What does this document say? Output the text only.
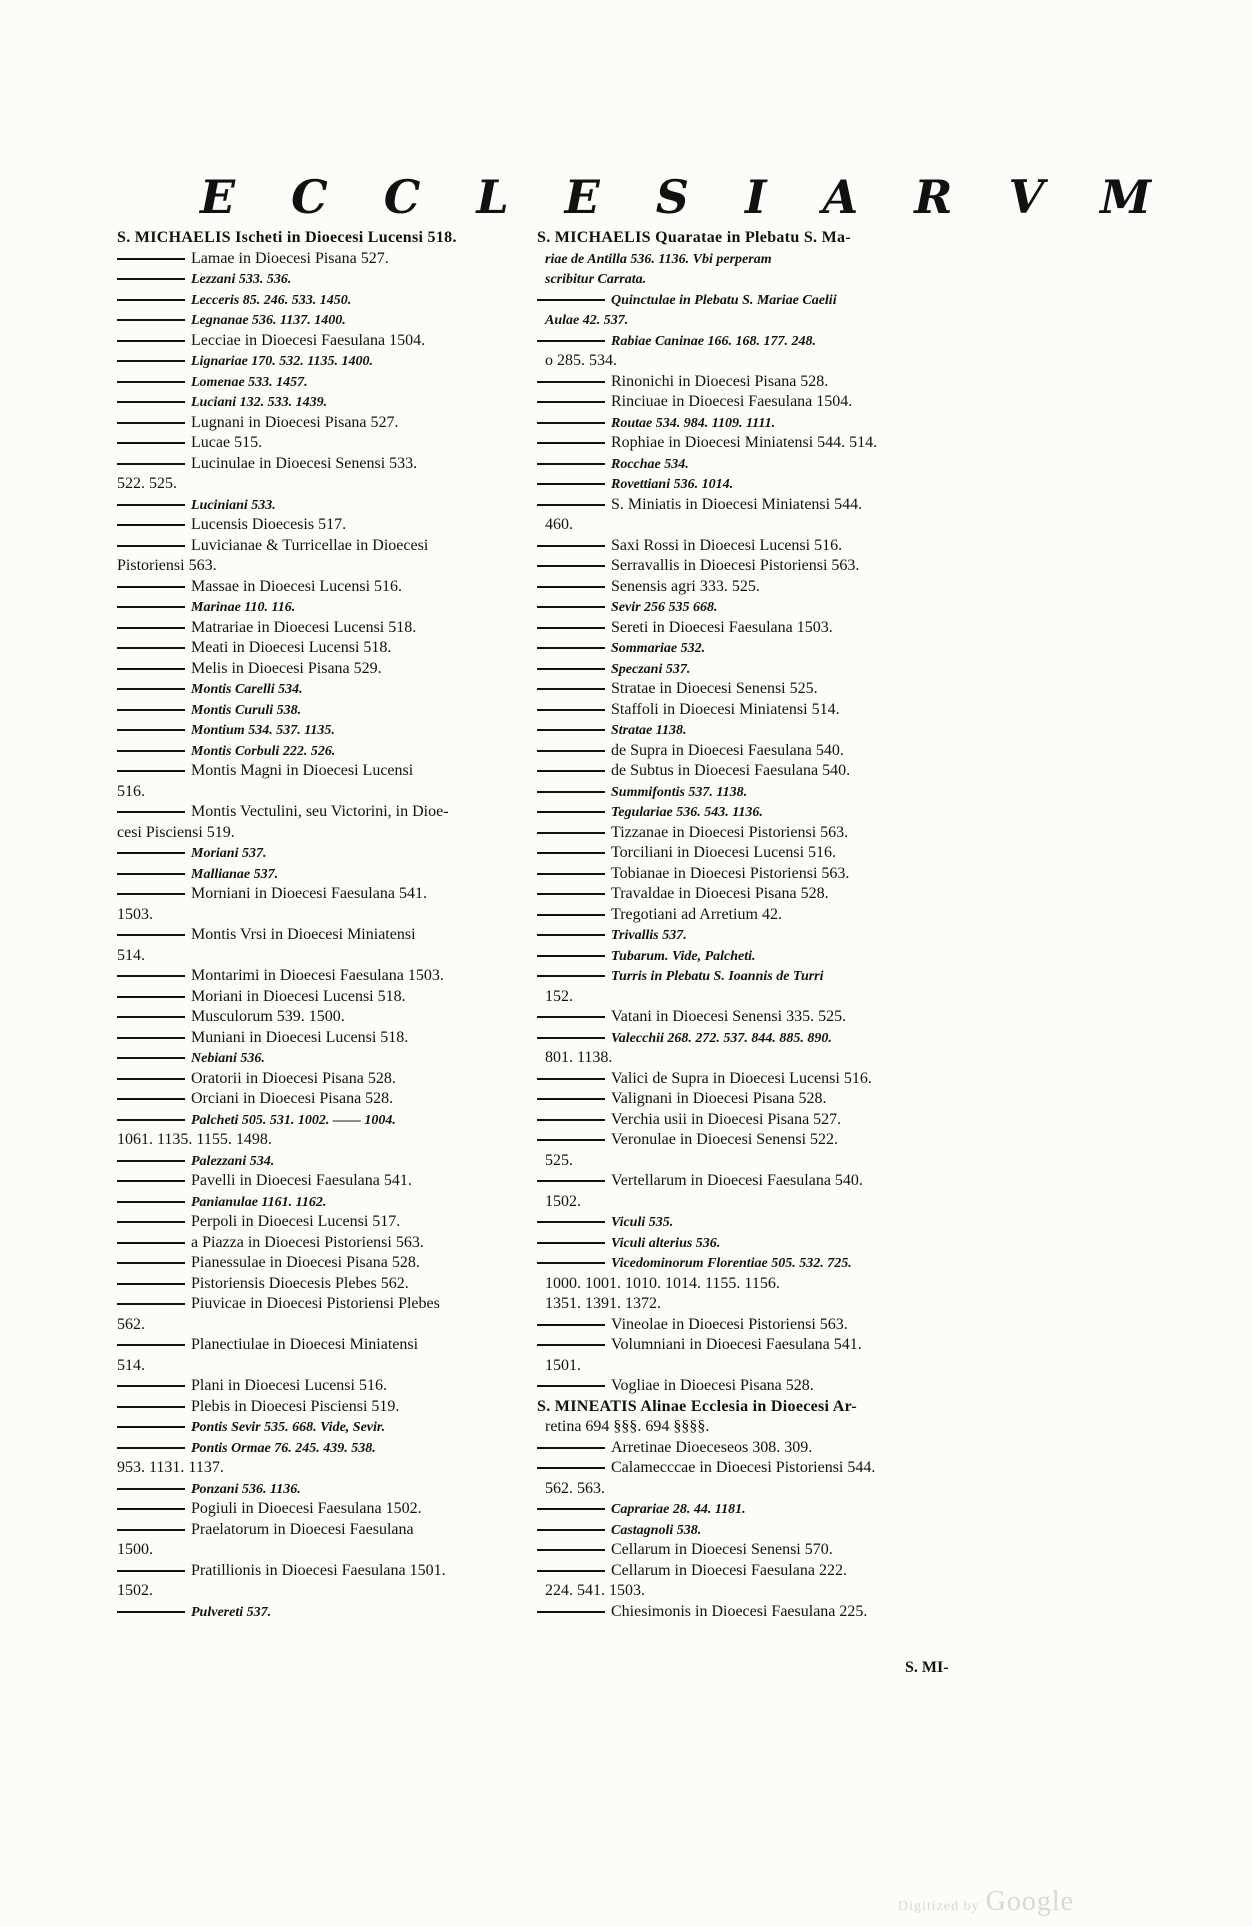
E C C L E S I A R V M
S. MICHAELIS Ischeti in Dioecesi Lucensi 518.
Lamae in Dioecesi Pisana 527.
Lezzani 533. 536.
Lecceris 85. 246. 533. 1450.
Legnanae 536. 1137. 1400.
Lecciae in Dioecesi Faesulana 1504.
Lignariae 170. 532. 1135. 1400.
Lomenae 533. 1457.
Luciani 132. 533. 1439.
Lugnani in Dioecesi Pisana 527.
Lucae 515.
Lucinulae in Dioecesi Senensi 533.
522. 525.
Luciniani 533.
Lucensis Dioecesis 517.
Luvicianae & Turricellae in Dioecesi
Pistoriensi 563.
Massae in Dioecesi Lucensi 516.
Marinae 110. 116.
Matrariae in Dioecesi Lucensi 518.
Meati in Dioecesi Lucensi 518.
Melis in Dioecesi Pisana 529.
Montis Carelli 534.
Montis Curuli 538.
Montium 534. 537. 1135.
Montis Corbuli 222. 526.
Montis Magni in Dioecesi Lucensi
516.
Montis Vectulini, seu Victorini, in Dioe-
cesi Pisciensi 519.
Moriani 537.
Mallianae 537.
Morniani in Dioecesi Faesulana 541.
1503.
Montis Vrsi in Dioecesi Miniatensi
514.
Montarimi in Dioecesi Faesulana 1503.
Moriani in Dioecesi Lucensi 518.
Musculorum 539. 1500.
Muniani in Dioecesi Lucensi 518.
Nebiani 536.
Oratorii in Dioecesi Pisana 528.
Orciani in Dioecesi Pisana 528.
Palcheti 505. 531. 1002. —— 1004.
1061. 1135. 1155. 1498.
Palezzani 534.
Pavelli in Dioecesi Faesulana 541.
Panianulae 1161. 1162.
Perpoli in Dioecesi Lucensi 517.
a Piazza in Dioecesi Pistoriensi 563.
Pianessulae in Dioecesi Pisana 528.
Pistoriensis Dioecesis Plebes 562.
Piuvicae in Dioecesi Pistoriensi Plebes
562.
Planectiulae in Dioecesi Miniatensi
514.
Plani in Dioecesi Lucensi 516.
Plebis in Dioecesi Pisciensi 519.
Pontis Sevir 535. 668. Vide, Sevir.
Pontis Ormae 76. 245. 439. 538.
953. 1131. 1137.
Ponzani 536. 1136.
Pogiuli in Dioecesi Faesulana 1502.
Praelatorum in Dioecesi Faesulana
1500.
Pratillionis in Dioecesi Faesulana 1501.
1502.
Pulvereti 537.
S. MICHAELIS Quaratae in Plebatu S. Ma-
riae de Antilla 536. 1136. Vbi perperam
scribitur Carrata.
Quinctulae in Plebatu S. Mariae Caelii
Aulae 42. 537.
Rabiae Caninae 166. 168. 177. 248.
o 285. 534.
Rinonichi in Dioecesi Pisana 528.
Rinciuae in Dioecesi Faesulana 1504.
Routae 534. 984. 1109. 1111.
Rophiae in Dioecesi Miniatensi 544. 514.
Rocchae 534.
Rovettiani 536. 1014.
S. Miniatis in Dioecesi Miniatensi 544.
460.
Saxi Rossi in Dioecesi Lucensi 516.
Serravallis in Dioecesi Pistoriensi 563.
Senensis agri 333. 525.
Sevir 256 535 668.
Sereti in Dioecesi Faesulana 1503.
Sommariae 532.
Speczani 537.
Stratae in Dioecesi Senensi 525.
Staffoli in Dioecesi Miniatensi 514.
Stratae 1138.
de Supra in Dioecesi Faesulana 540.
de Subtus in Dioecesi Faesulana 540.
Summifontis 537. 1138.
Tegulariae 536. 543. 1136.
Tizzanae in Dioecesi Pistoriensi 563.
Torciliani in Dioecesi Lucensi 516.
Tobianae in Dioecesi Pistoriensi 563.
Travaldae in Dioecesi Pisana 528.
Tregotiani ad Arretium 42.
Trivallis 537.
Tubarum. Vide, Palcheti.
Turris in Plebatu S. Ioannis de Turri
152.
Vatani in Dioecesi Senensi 335. 525.
Valecchii 268. 272. 537. 844. 885. 890.
801. 1138.
Valici de Supra in Dioecesi Lucensi 516.
Valignani in Dioecesi Pisana 528.
Verchia usii in Dioecesi Pisana 527.
Veronulae in Dioecesi Senensi 522.
525.
Vertellarum in Dioecesi Faesulana 540.
1502.
Viculi 535.
Viculi alterius 536.
Vicedominorum Florentiae 505. 532. 725.
1000. 1001. 1010. 1014. 1155. 1156.
1351. 1391. 1372.
Vineolae in Dioecesi Pistoriensi 563.
Volumniani in Dioecesi Faesulana 541.
1501.
Vogliae in Dioecesi Pisana 528.
S. MINEATIS Alinae Ecclesia in Dioecesi Ar-
retina 694 §§§. 694 §§§§.
Arretinae Dioeceseos 308. 309.
Calamecccae in Dioecesi Pistoriensi 544.
562. 563.
Caprariae 28. 44. 1181.
Castagnoli 538.
Cellarum in Dioecesi Senensi 570.
Cellarum in Dioecesi Faesulana 222.
224. 541. 1503.
Chiesimonis in Dioecesi Faesulana 225.
S. MI-
Digitized by Google
